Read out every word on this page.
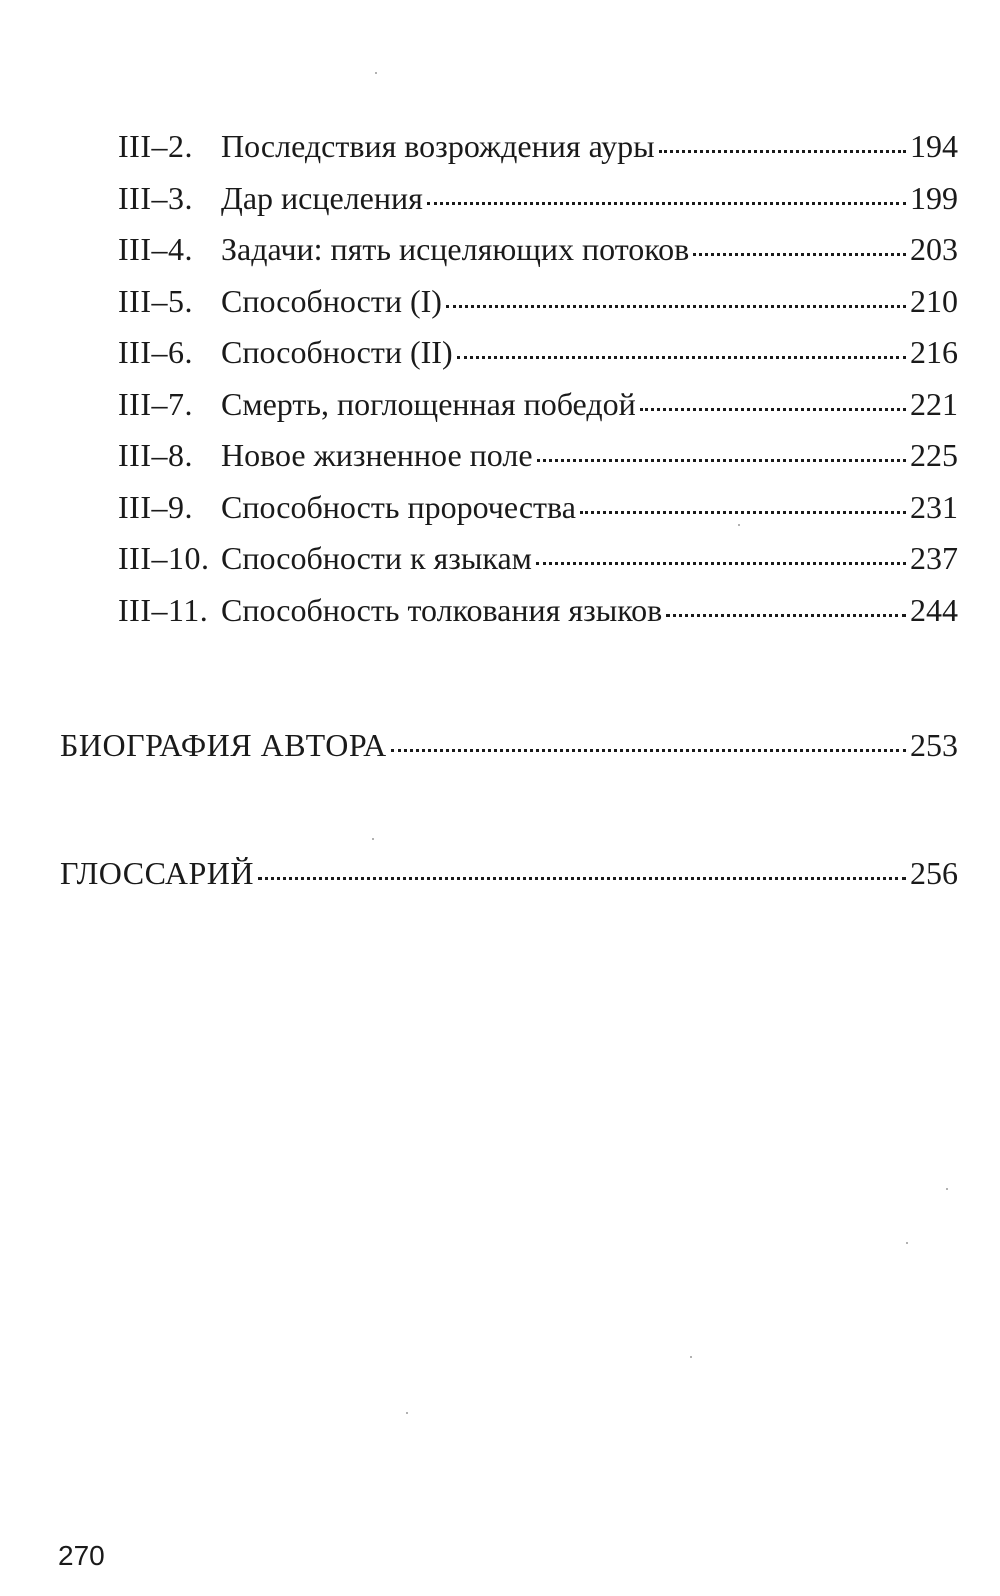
III–2. Последствия возрождения ауры	194
III–3. Дар исцеления	199
III–4. Задачи: пять исцеляющих потоков	203
III–5. Способности (I)	210
III–6. Способности (II)	216
III–7. Смерть, поглощенная победой	221
III–8. Новое жизненное поле	225
III–9. Способность пророчества	231
III–10. Способности к языкам	237
III–11. Способность толкования языков	244
БИОГРАФИЯ АВТОРА	253
ГЛОССАРИЙ	256
270
